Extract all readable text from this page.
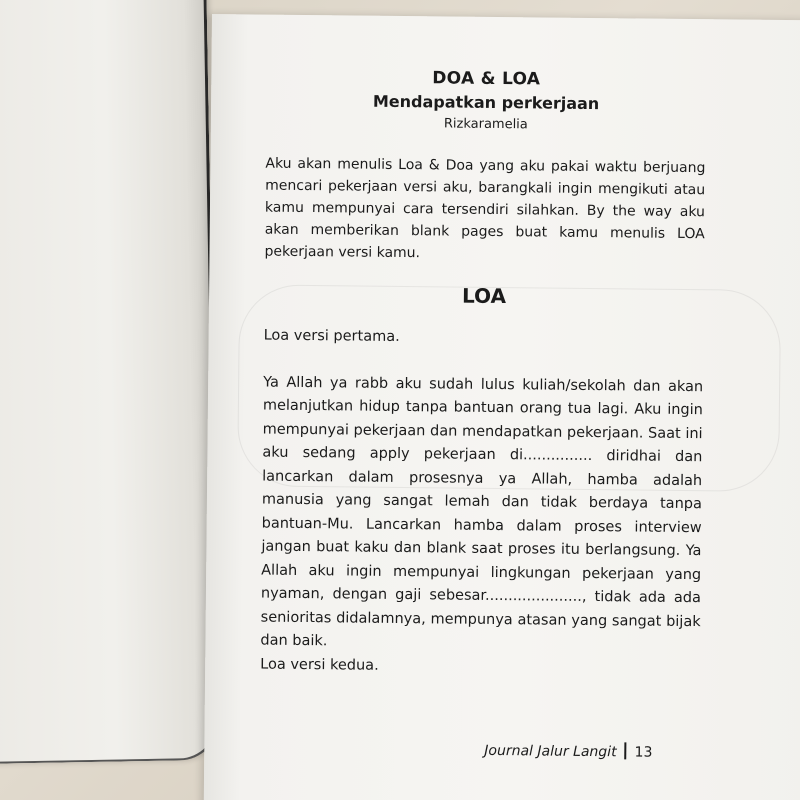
DOA & LOA

Mendapatkan perkerjaan

Rizkaramelia

Aku akan menulis Loa & Doa yang aku pakai waktu berjuang mencari pekerjaan versi aku, barangkali ingin mengikuti atau kamu mempunyai cara tersendiri silahkan. By the way aku akan memberikan blank pages buat kamu menulis LOA pekerjaan versi kamu.

LOA

Loa versi pertama.

Ya Allah ya rabb aku sudah lulus kuliah/sekolah dan akan melanjutkan hidup tanpa bantuan orang tua lagi. Aku ingin mempunyai pekerjaan dan mendapatkan pekerjaan. Saat ini aku sedang apply pekerjaan di............... diridhai dan lancarkan dalam prosesnya ya Allah, hamba adalah manusia yang sangat lemah dan tidak berdaya tanpa bantuan-Mu. Lancarkan hamba dalam proses interview jangan buat kaku dan blank saat proses itu berlangsung. Ya Allah aku ingin mempunyai lingkungan pekerjaan yang nyaman, dengan gaji sebesar....................., tidak ada ada senioritas didalamnya, mempunya atasan yang sangat bijak dan baik.

Loa versi kedua.

Journal Jalur Langit 13
